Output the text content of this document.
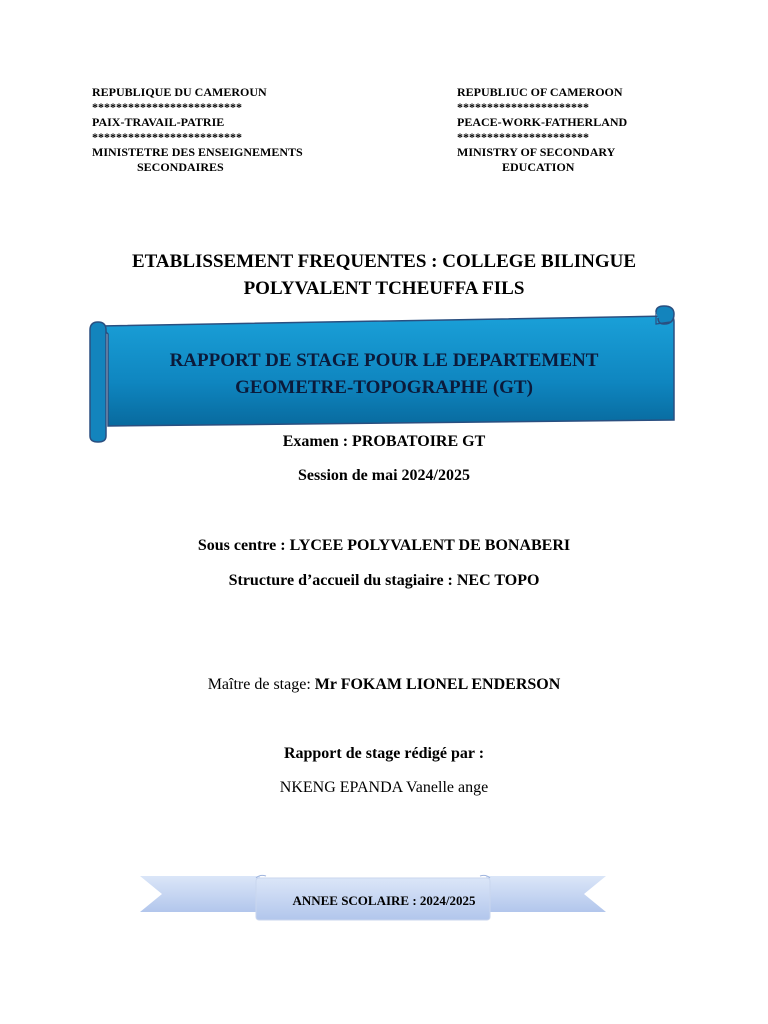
REPUBLIQUE DU CAMEROUN
*************************
PAIX-TRAVAIL-PATRIE
*************************
MINISTETRE DES ENSEIGNEMENTS
SECONDAIRES
REPUBLIUC OF CAMEROON
**********************
PEACE-WORK-FATHERLAND
**********************
MINISTRY OF SECONDARY
EDUCATION
ETABLISSEMENT FREQUENTES : COLLEGE BILINGUE
POLYVALENT TCHEUFFA FILS
RAPPORT DE STAGE POUR LE DEPARTEMENT
GEOMETRE-TOPOGRAPHE (GT)
Examen : PROBATOIRE GT
Session de mai 2024/2025
Sous centre : LYCEE POLYVALENT DE BONABERI
Structure d’accueil du stagiaire : NEC TOPO
Maître de stage: Mr FOKAM LIONEL ENDERSON
Rapport de stage rédigé par :
NKENG EPANDA Vanelle ange
ANNEE SCOLAIRE : 2024/2025
